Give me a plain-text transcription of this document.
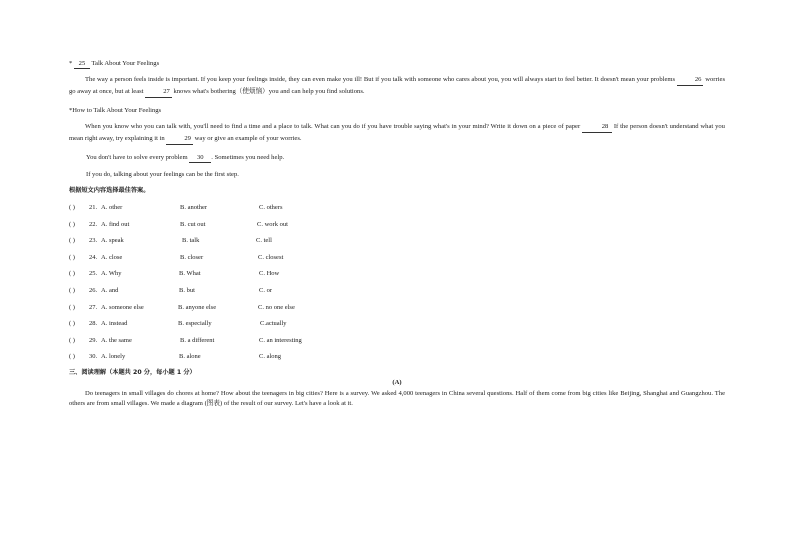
* 25 Talk About Your Feelings
The way a person feels inside is important. If you keep your feelings inside, they can even make you ill! But if you talk with someone who cares about you, you will always start to feel better. It doesn't mean your problems	26 worries go away at once, but at least	27 knows what's bothering（使烦恼）you and can help you find solutions.
*How to Talk About Your Feelings
When you know who you can talk with, you'll need to find a time and a place to talk. What can you do if you have trouble saying what's in your mind? Write it down on a piece of paper	28 If the person doesn't understand what you mean right away, try explaining it in	29 way or give an example of your worries.
You don't have to solve every problem 30 . Sometimes you need help.
If you do, talking about your feelings can be the first step.
根据短文内容选择最佳答案。
( ) 21. A. other	B. another	C. others
( ) 22. A. find out	B. cut out	C. work out
( ) 23. A. speak	B. talk	C. tell
( ) 24. A. close	B. closer	C. closest
( ) 25. A. Why	B. What	C. How
( ) 26. A. and	B. but	C. or
( ) 27. A. someone else	B. anyone else	C. no one else
( ) 28. A. instead	B. especially	C.actually
( ) 29. A. the same	B. a different	C. an interesting
( ) 30. A. lonely	B. alone	C. along
三、阅读理解（本题共 20 分，每小题 1 分）
(A)
Do teenagers in small villages do chores at home? How about the teenagers in big cities? Here is a survey. We asked 4,000 teenagers in China several questions. Half of them come from big cities like Beijing, Shanghai and Guangzhou. The others are from small villages. We made a diagram (图表) of the result of our survey. Let's have a look at it.
